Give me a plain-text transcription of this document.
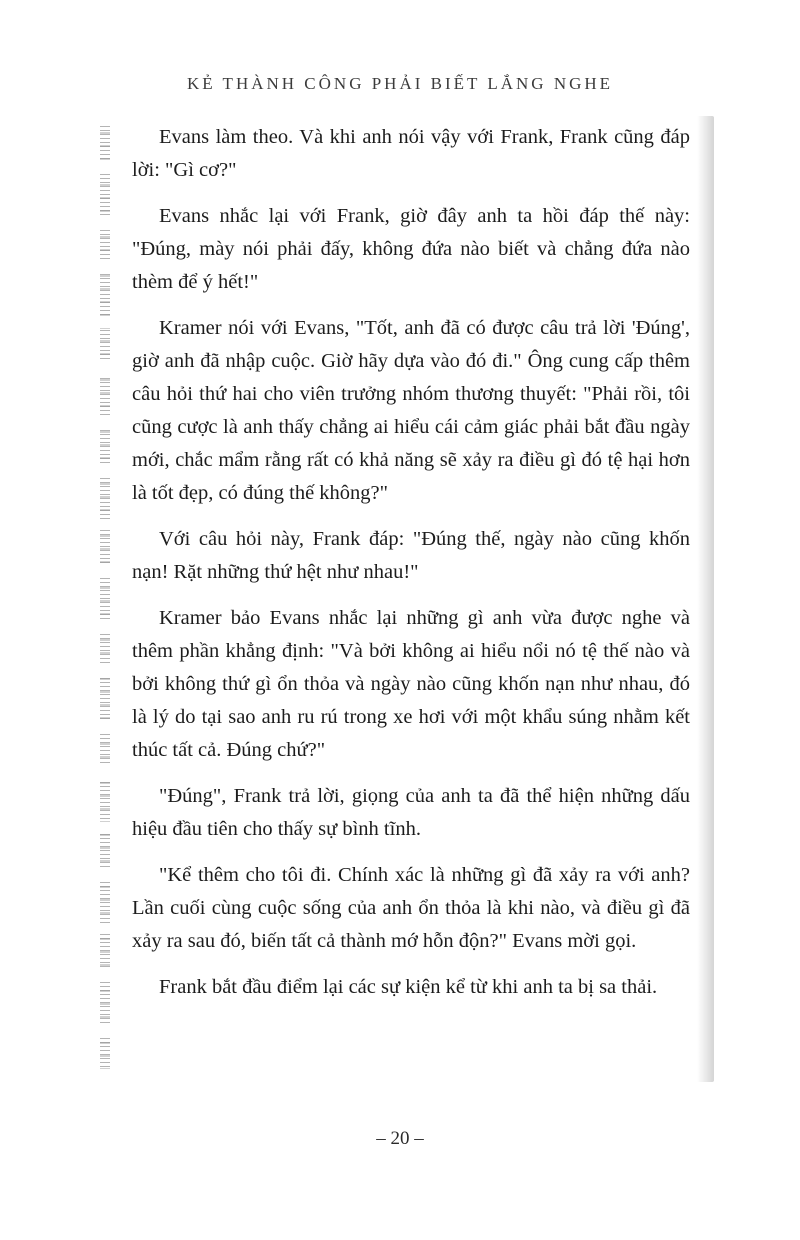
KẺ THÀNH CÔNG PHẢI BIẾT LẮNG NGHE

Evans làm theo. Và khi anh nói vậy với Frank, Frank cũng đáp lời: "Gì cơ?"

Evans nhắc lại với Frank, giờ đây anh ta hồi đáp thế này: "Đúng, mày nói phải đấy, không đứa nào biết và chẳng đứa nào thèm để ý hết!"

Kramer nói với Evans, "Tốt, anh đã có được câu trả lời 'Đúng', giờ anh đã nhập cuộc. Giờ hãy dựa vào đó đi." Ông cung cấp thêm câu hỏi thứ hai cho viên trưởng nhóm thương thuyết: "Phải rồi, tôi cũng cược là anh thấy chẳng ai hiểu cái cảm giác phải bắt đầu ngày mới, chắc mẩm rằng rất có khả năng sẽ xảy ra điều gì đó tệ hại hơn là tốt đẹp, có đúng thế không?"

Với câu hỏi này, Frank đáp: "Đúng thế, ngày nào cũng khốn nạn! Rặt những thứ hệt như nhau!"

Kramer bảo Evans nhắc lại những gì anh vừa được nghe và thêm phần khẳng định: "Và bởi không ai hiểu nổi nó tệ thế nào và bởi không thứ gì ổn thỏa và ngày nào cũng khốn nạn như nhau, đó là lý do tại sao anh ru rú trong xe hơi với một khẩu súng nhằm kết thúc tất cả. Đúng chứ?"

"Đúng", Frank trả lời, giọng của anh ta đã thể hiện những dấu hiệu đầu tiên cho thấy sự bình tĩnh.

"Kể thêm cho tôi đi. Chính xác là những gì đã xảy ra với anh? Lần cuối cùng cuộc sống của anh ổn thỏa là khi nào, và điều gì đã xảy ra sau đó, biến tất cả thành mớ hỗn độn?" Evans mời gọi.

Frank bắt đầu điểm lại các sự kiện kể từ khi anh ta bị sa thải.

– 20 –
